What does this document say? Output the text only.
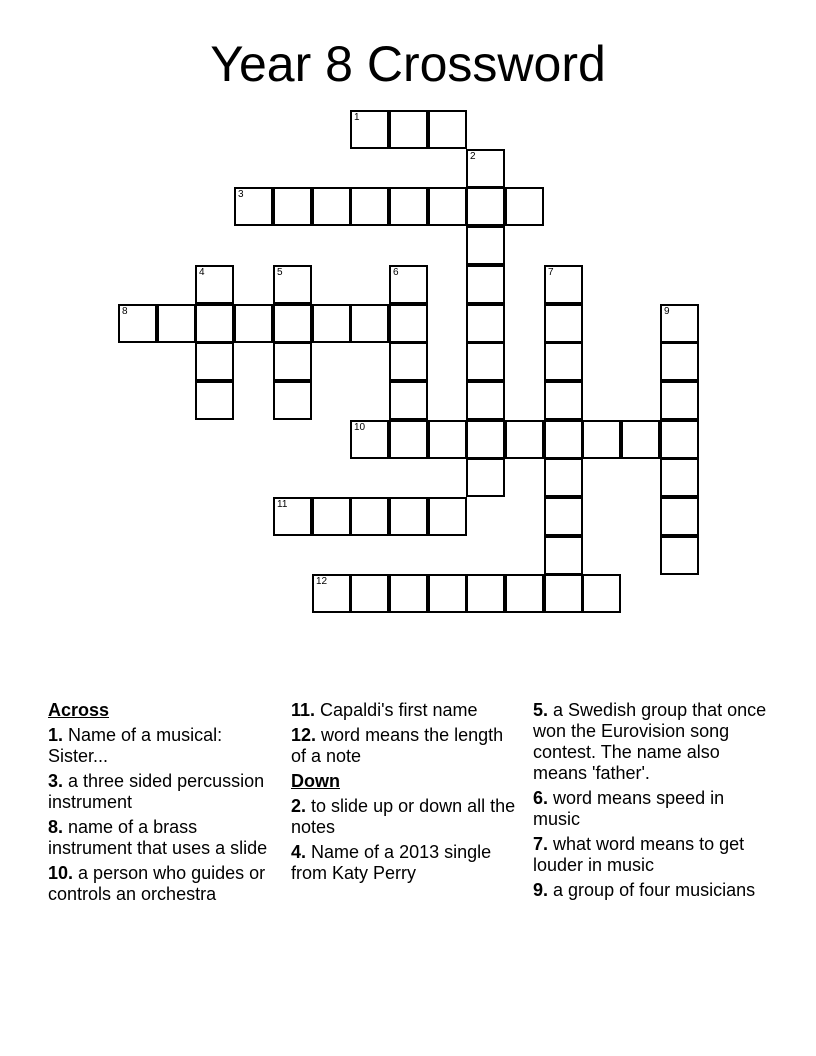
Year 8 Crossword
1
2
3
4	5	6	7
8	9
10
11
12
Across
1. Name of a musical: Sister...
3. a three sided percussion instrument
8. name of a brass instrument that uses a slide
10. a person who guides or controls an orchestra
11. Capaldi's first name
12. word means the length of a note
Down
2. to slide up or down all the notes
4. Name of a 2013 single from Katy Perry
5. a Swedish group that once won the Eurovision song contest. The name also means 'father'.
6. word means speed in music
7. what word means to get louder in music
9. a group of four musicians
